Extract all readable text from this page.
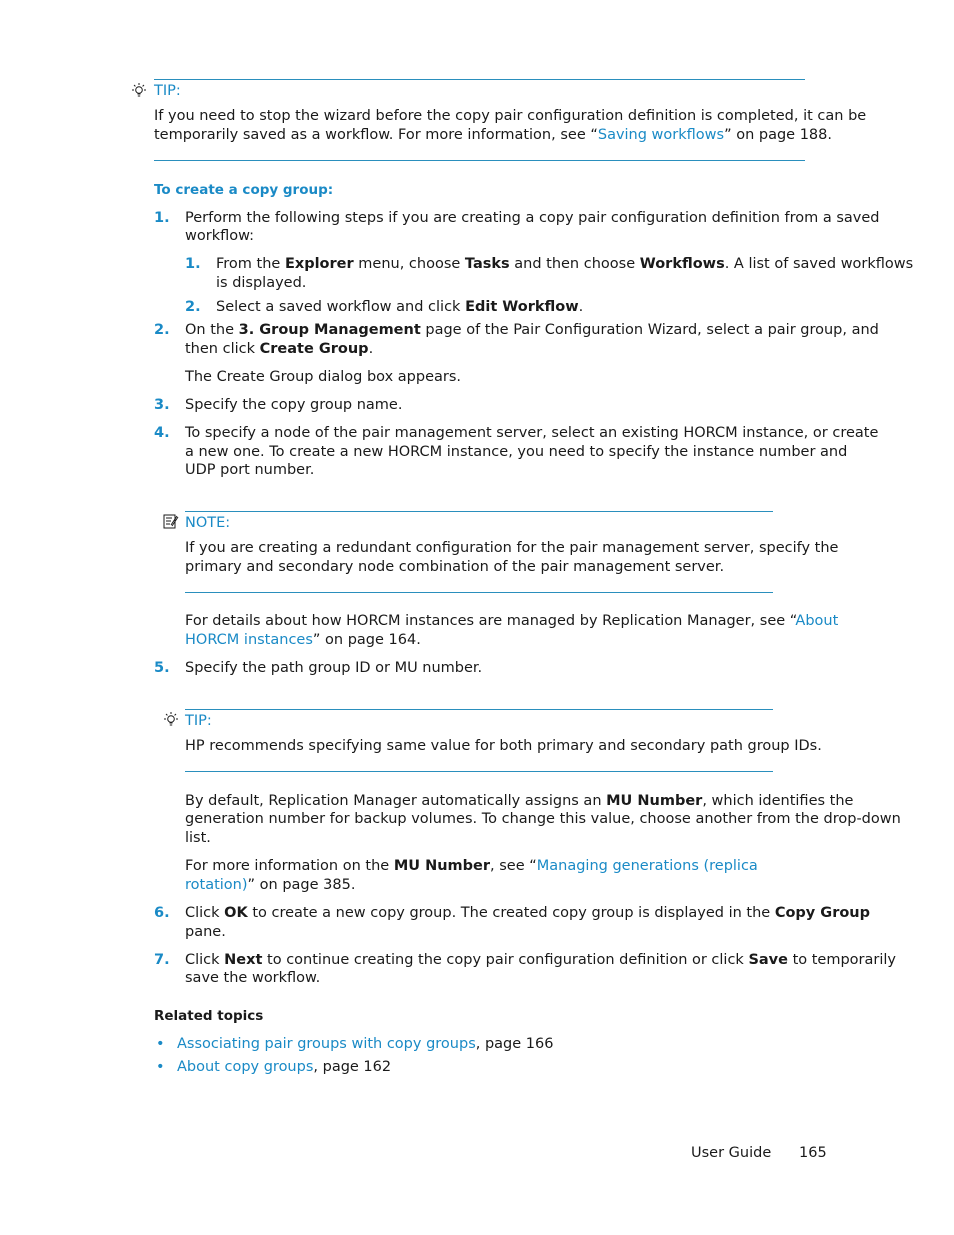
TIP:
If you need to stop the wizard before the copy pair configuration definition is completed, it can be
temporarily saved as a workflow. For more information, see “Saving workflows” on page 188.
To create a copy group:
1. Perform the following steps if you are creating a copy pair configuration definition from a saved
workflow:
1. From the Explorer menu, choose Tasks and then choose Workflows. A list of saved workflows
is displayed.
2. Select a saved workflow and click Edit Workflow.
2. On the 3. Group Management page of the Pair Configuration Wizard, select a pair group, and
then click Create Group.
The Create Group dialog box appears.
3. Specify the copy group name.
4. To specify a node of the pair management server, select an existing HORCM instance, or create
a new one. To create a new HORCM instance, you need to specify the instance number and
UDP port number.
NOTE:
If you are creating a redundant configuration for the pair management server, specify the
primary and secondary node combination of the pair management server.
For details about how HORCM instances are managed by Replication Manager, see “About
HORCM instances” on page 164.
5. Specify the path group ID or MU number.
TIP:
HP recommends specifying same value for both primary and secondary path group IDs.
By default, Replication Manager automatically assigns an MU Number, which identifies the
generation number for backup volumes. To change this value, choose another from the drop-down
list.
For more information on the MU Number, see “Managing generations (replica
rotation)” on page 385.
6. Click OK to create a new copy group. The created copy group is displayed in the Copy Group
pane.
7. Click Next to continue creating the copy pair configuration definition or click Save to temporarily
save the workflow.
Related topics
• Associating pair groups with copy groups, page 166
• About copy groups, page 162
User Guide 165
